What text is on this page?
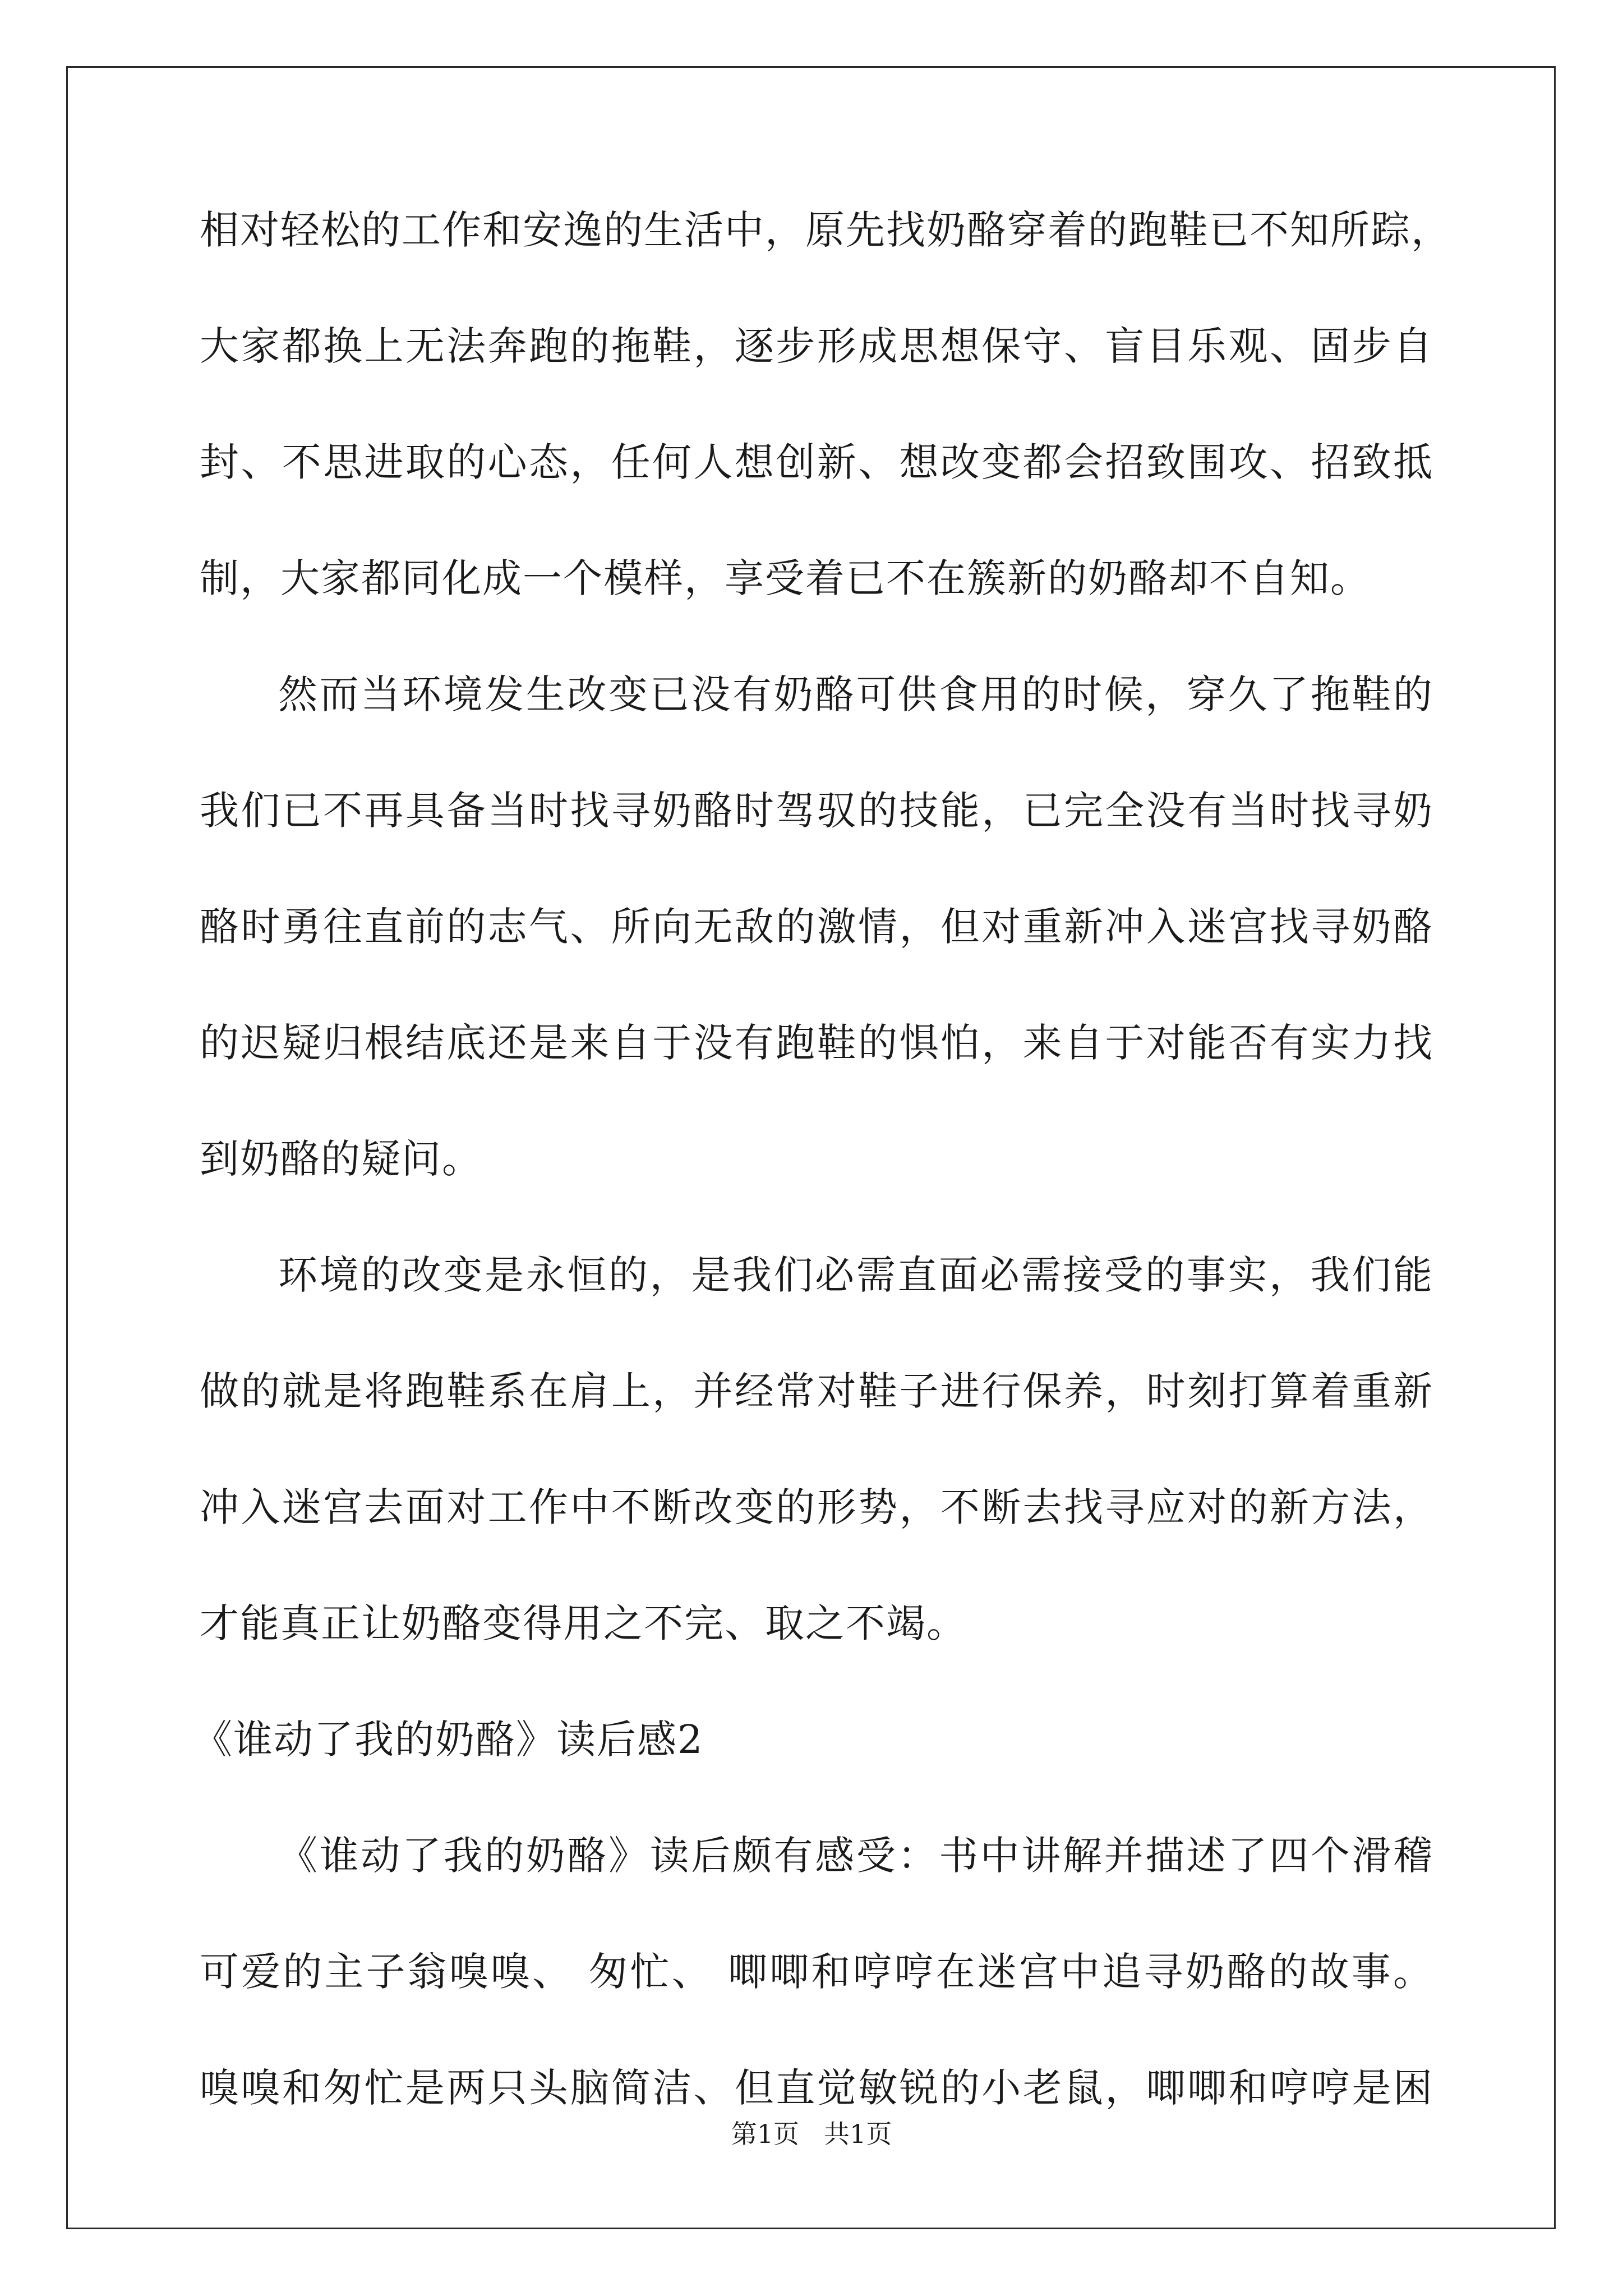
相对轻松的工作和安逸的生活中，原先找奶酪穿着的跑鞋已不知所踪，
大家都换上无法奔跑的拖鞋，逐步形成思想保守、盲目乐观、固步自
封、不思进取的心态，任何人想创新、想改变都会招致围攻、招致抵
制，大家都同化成一个模样，享受着已不在簇新的奶酪却不自知。
然而当环境发生改变已没有奶酪可供食用的时候，穿久了拖鞋的
我们已不再具备当时找寻奶酪时驾驭的技能，已完全没有当时找寻奶
酪时勇往直前的志气、所向无敌的激情，但对重新冲入迷宫找寻奶酪
的迟疑归根结底还是来自于没有跑鞋的惧怕，来自于对能否有实力找
到奶酪的疑问。
环境的改变是永恒的，是我们必需直面必需接受的事实，我们能
做的就是将跑鞋系在肩上，并经常对鞋子进行保养，时刻打算着重新
冲入迷宫去面对工作中不断改变的形势，不断去找寻应对的新方法，
才能真正让奶酪变得用之不完、取之不竭。
《谁动了我的奶酪》读后感2
《谁动了我的奶酪》读后颇有感受：书中讲解并描述了四个滑稽
可爱的主子翁嗅嗅、 匆忙、 唧唧和哼哼在迷宫中追寻奶酪的故事。
嗅嗅和匆忙是两只头脑简洁、但直觉敏锐的小老鼠，唧唧和哼哼是困
第1页 共1页
